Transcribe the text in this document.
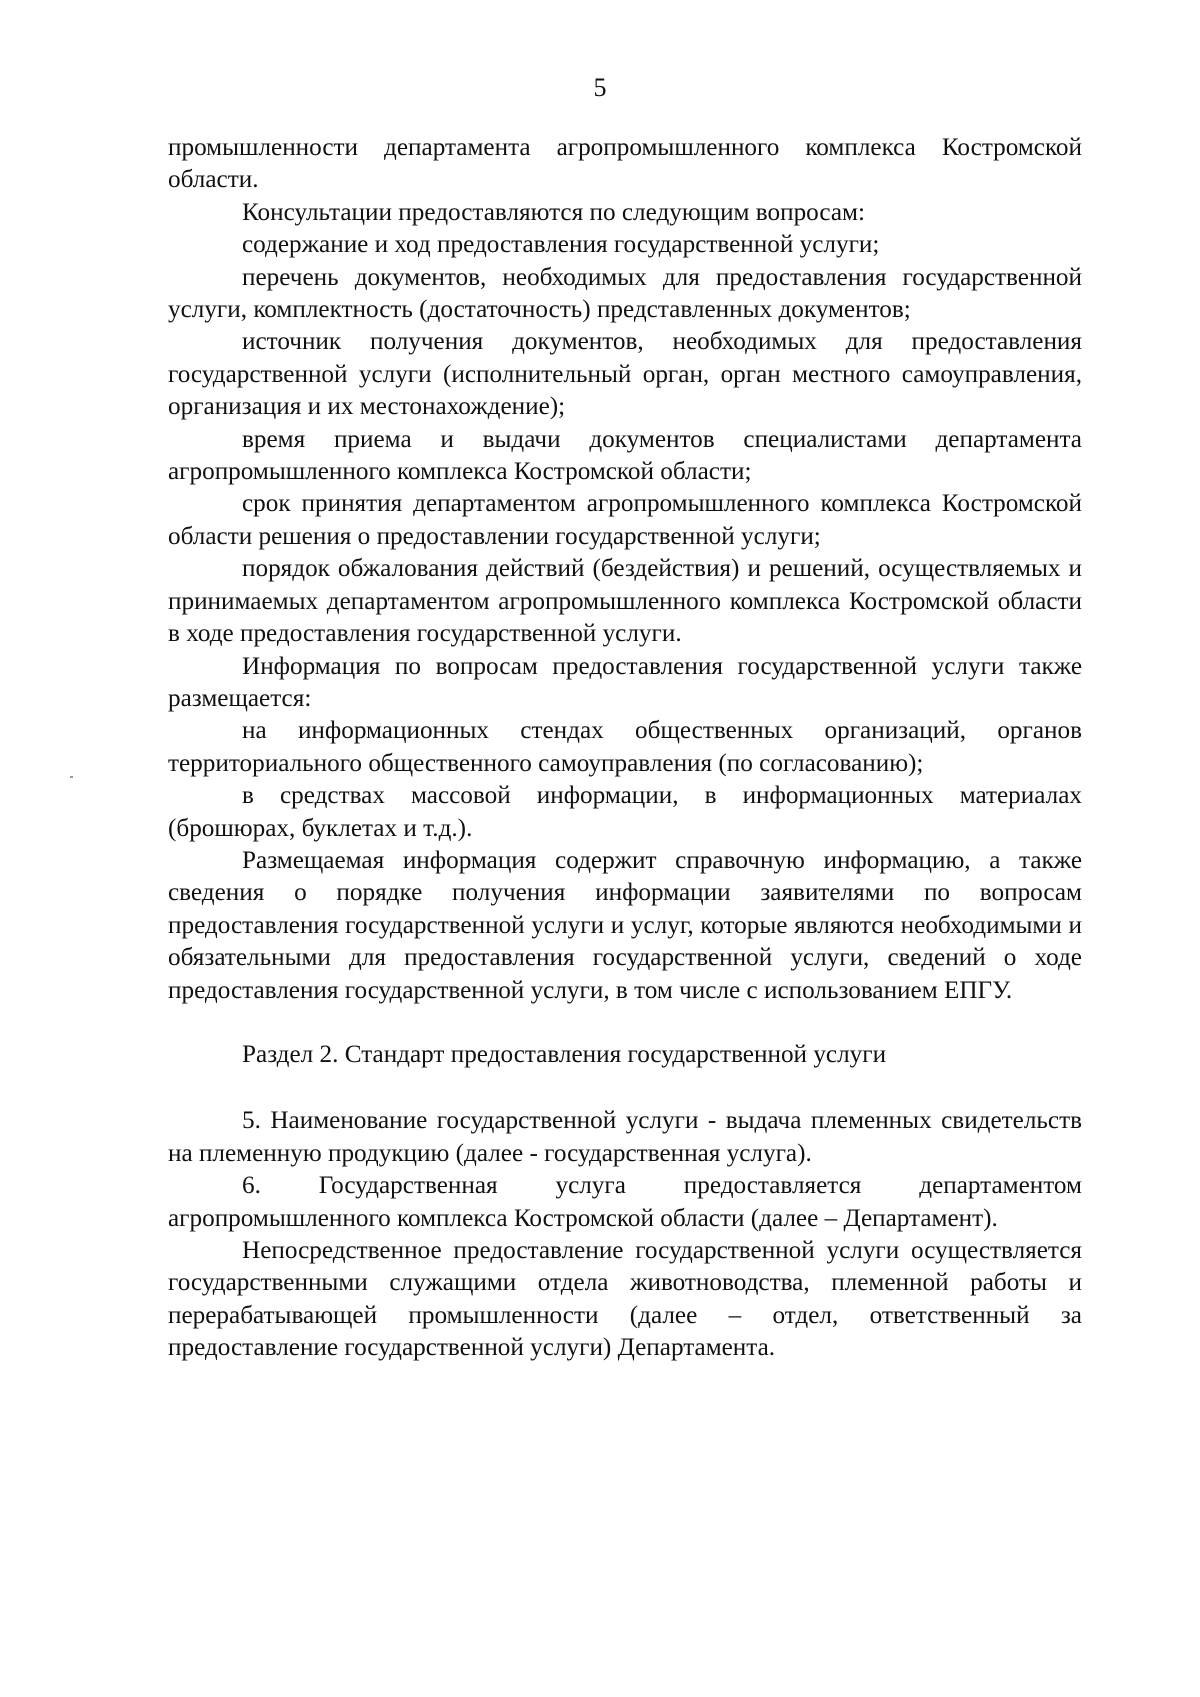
5

промышленности департамента агропромышленного комплекса Костромской области.

Консультации предоставляются по следующим вопросам:

содержание и ход предоставления государственной услуги;

перечень документов, необходимых для предоставления государственной услуги, комплектность (достаточность) представленных документов;

источник получения документов, необходимых для предоставления государственной услуги (исполнительный орган, орган местного самоуправления, организация и их местонахождение);

время приема и выдачи документов специалистами департамента агропромышленного комплекса Костромской области;

срок принятия департаментом агропромышленного комплекса Костромской области решения о предоставлении государственной услуги;

порядок обжалования действий (бездействия) и решений, осуществляемых и принимаемых департаментом агропромышленного комплекса Костромской области в ходе предоставления государственной услуги.

Информация по вопросам предоставления государственной услуги также размещается:

на информационных стендах общественных организаций, органов территориального общественного самоуправления (по согласованию);

в средствах массовой информации, в информационных материалах (брошюрах, буклетах и т.д.).

Размещаемая информация содержит справочную информацию, а также сведения о порядке получения информации заявителями по вопросам предоставления государственной услуги и услуг, которые являются необходимыми и обязательными для предоставления государственной услуги, сведений о ходе предоставления государственной услуги, в том числе с использованием ЕПГУ.

Раздел 2. Стандарт предоставления государственной услуги

5. Наименование государственной услуги - выдача племенных свидетельств на племенную продукцию (далее - государственная услуга).

6. Государственная услуга предоставляется департаментом агропромышленного комплекса Костромской области (далее – Департамент).

Непосредственное предоставление государственной услуги осуществляется государственными служащими отдела животноводства, племенной работы и перерабатывающей промышленности (далее – отдел, ответственный за предоставление государственной услуги) Департамента.
